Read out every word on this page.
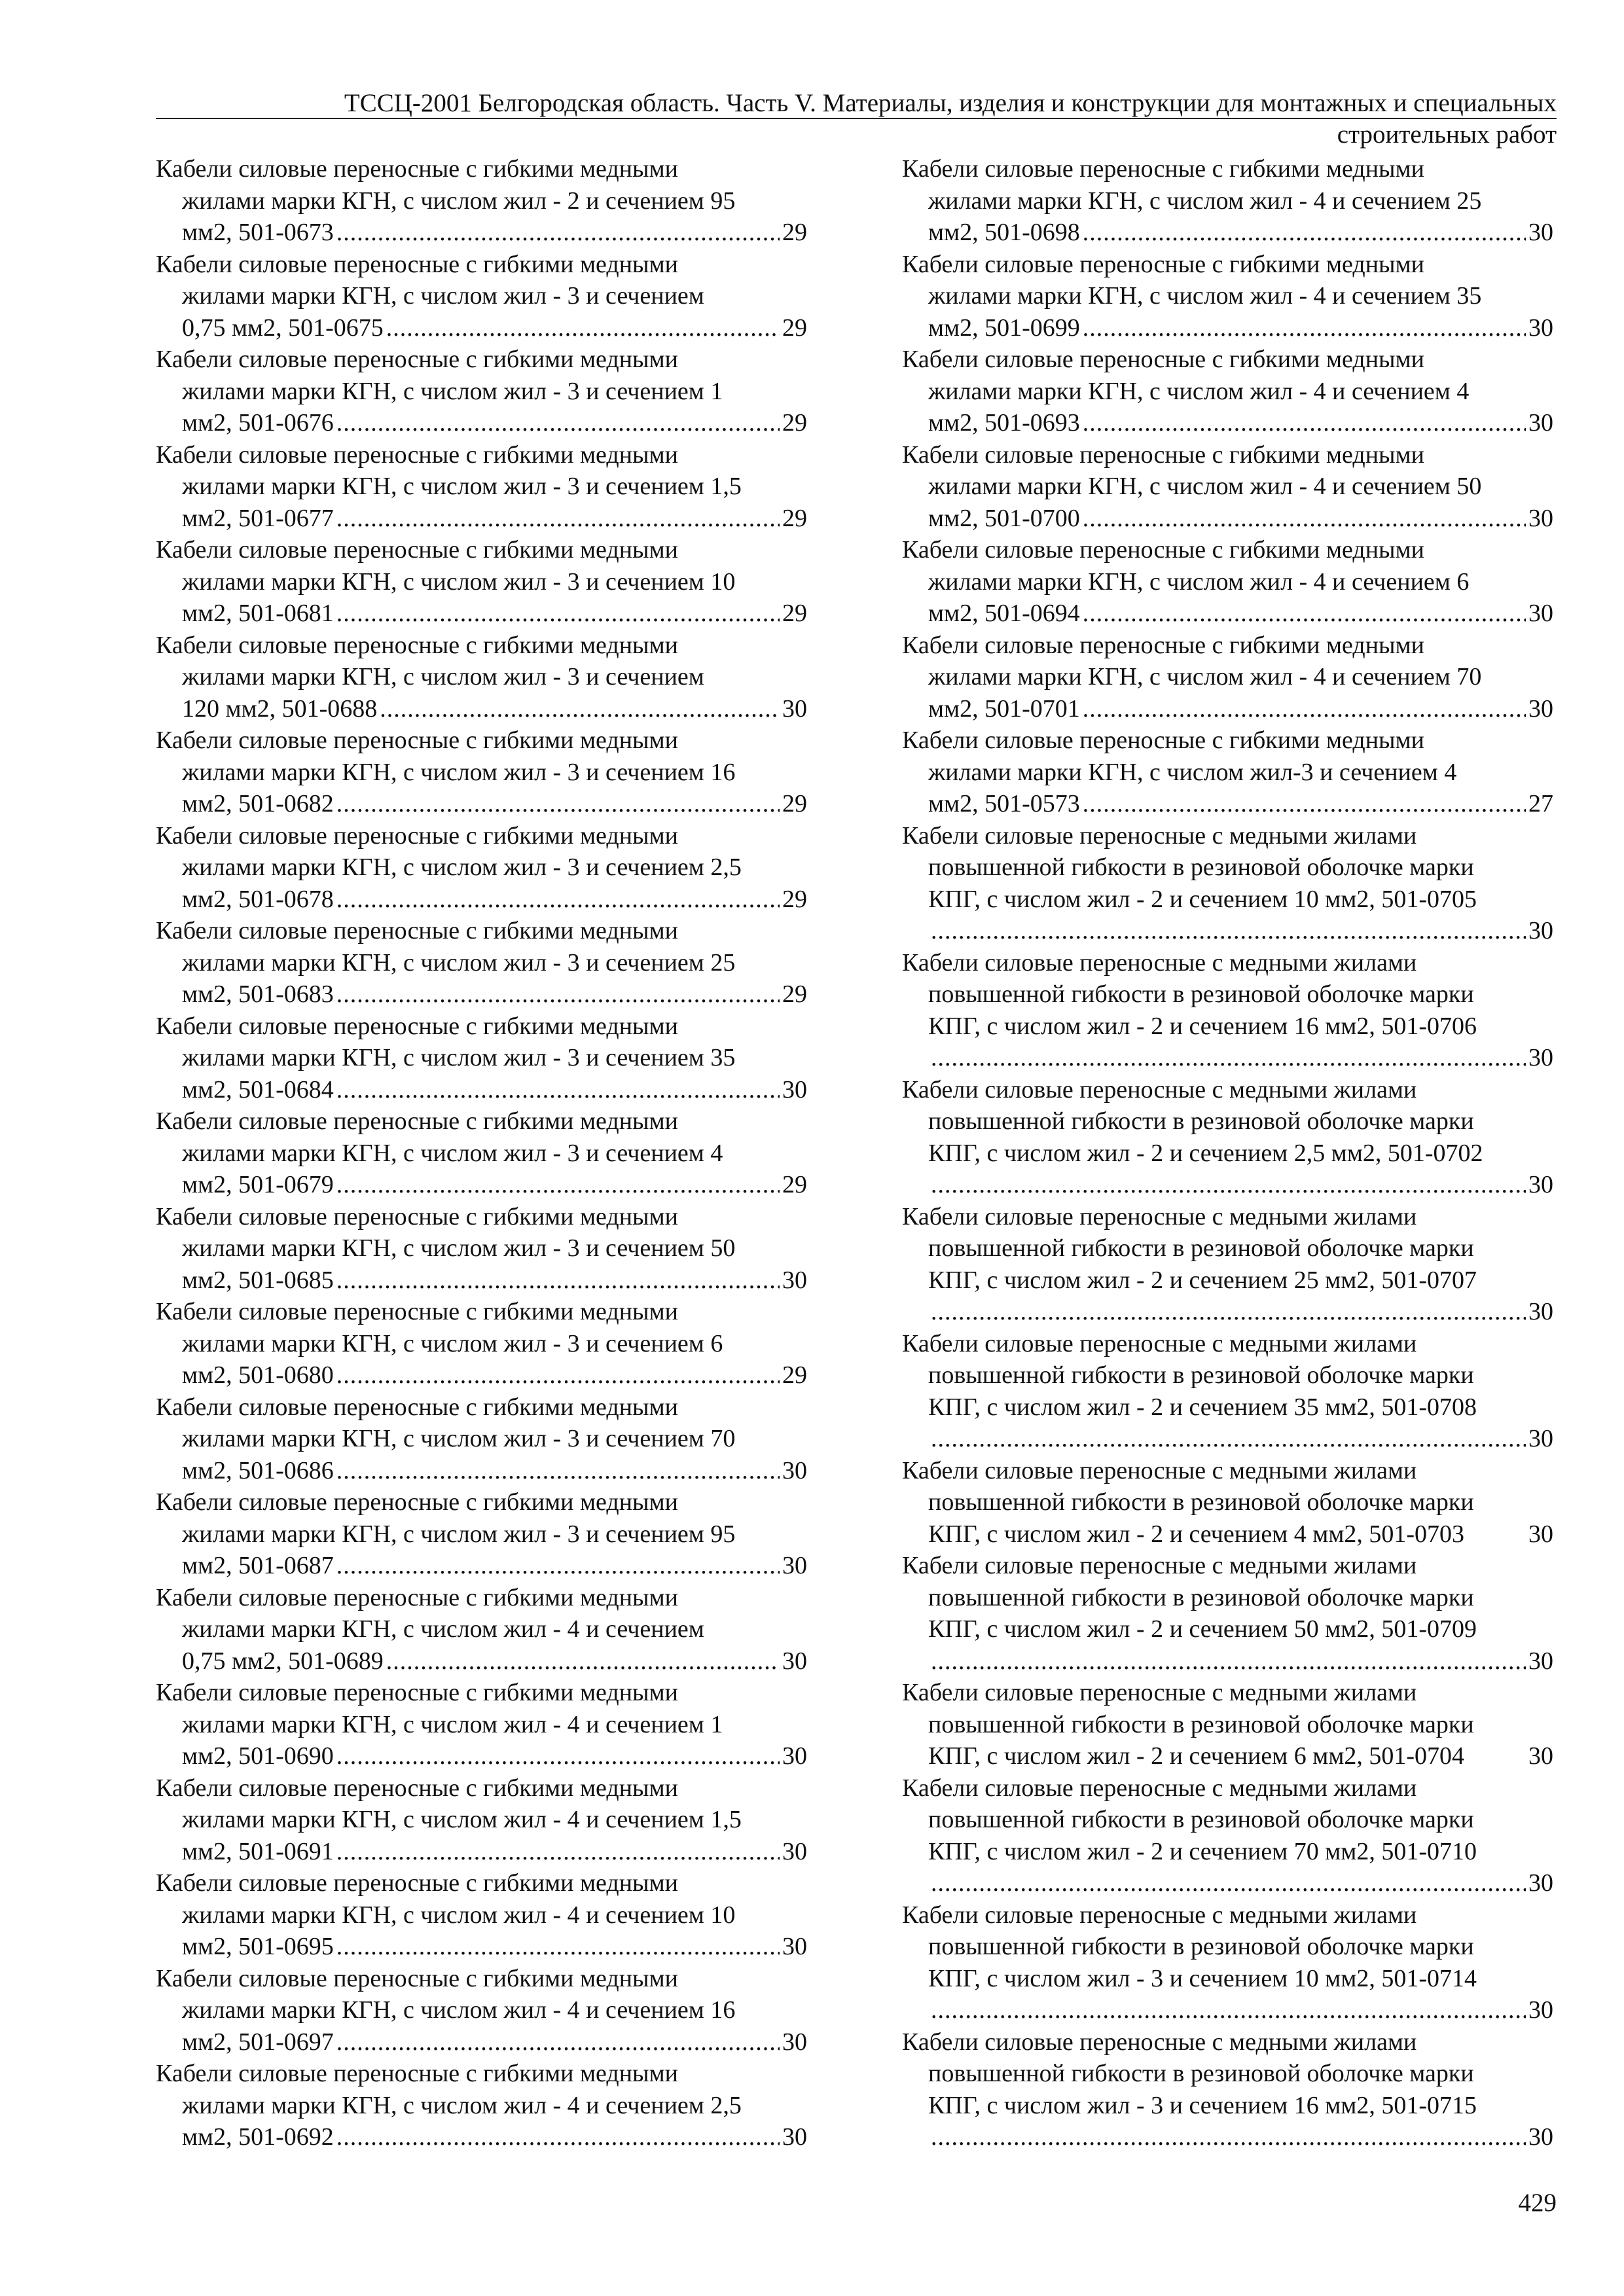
ТССЦ-2001 Белгородская область. Часть V. Материалы, изделия и конструкции для монтажных и специальных
строительных работ
Кабели силовые переносные с гибкими медными
жилами марки КГН, с числом жил - 2 и сечением 95
мм2, 501-0673 .....	29
Кабели силовые переносные с гибкими медными
жилами марки КГН, с числом жил - 3 и сечением
0,75 мм2, 501-0675 .....	29
Кабели силовые переносные с гибкими медными
жилами марки КГН, с числом жил - 3 и сечением 1
мм2, 501-0676 .....	29
Кабели силовые переносные с гибкими медными
жилами марки КГН, с числом жил - 3 и сечением 1,5
мм2, 501-0677 .....	29
Кабели силовые переносные с гибкими медными
жилами марки КГН, с числом жил - 3 и сечением 10
мм2, 501-0681 .....	29
Кабели силовые переносные с гибкими медными
жилами марки КГН, с числом жил - 3 и сечением
120 мм2, 501-0688 .....	30
Кабели силовые переносные с гибкими медными
жилами марки КГН, с числом жил - 3 и сечением 16
мм2, 501-0682 .....	29
Кабели силовые переносные с гибкими медными
жилами марки КГН, с числом жил - 3 и сечением 2,5
мм2, 501-0678 .....	29
Кабели силовые переносные с гибкими медными
жилами марки КГН, с числом жил - 3 и сечением 25
мм2, 501-0683 .....	29
Кабели силовые переносные с гибкими медными
жилами марки КГН, с числом жил - 3 и сечением 35
мм2, 501-0684 .....	30
Кабели силовые переносные с гибкими медными
жилами марки КГН, с числом жил - 3 и сечением 4
мм2, 501-0679 .....	29
Кабели силовые переносные с гибкими медными
жилами марки КГН, с числом жил - 3 и сечением 50
мм2, 501-0685 .....	30
Кабели силовые переносные с гибкими медными
жилами марки КГН, с числом жил - 3 и сечением 6
мм2, 501-0680 .....	29
Кабели силовые переносные с гибкими медными
жилами марки КГН, с числом жил - 3 и сечением 70
мм2, 501-0686 .....	30
Кабели силовые переносные с гибкими медными
жилами марки КГН, с числом жил - 3 и сечением 95
мм2, 501-0687 .....	30
Кабели силовые переносные с гибкими медными
жилами марки КГН, с числом жил - 4 и сечением
0,75 мм2, 501-0689 .....	30
Кабели силовые переносные с гибкими медными
жилами марки КГН, с числом жил - 4 и сечением 1
мм2, 501-0690 .....	30
Кабели силовые переносные с гибкими медными
жилами марки КГН, с числом жил - 4 и сечением 1,5
мм2, 501-0691 .....	30
Кабели силовые переносные с гибкими медными
жилами марки КГН, с числом жил - 4 и сечением 10
мм2, 501-0695 .....	30
Кабели силовые переносные с гибкими медными
жилами марки КГН, с числом жил - 4 и сечением 16
мм2, 501-0697 .....	30
Кабели силовые переносные с гибкими медными
жилами марки КГН, с числом жил - 4 и сечением 2,5
мм2, 501-0692 .....	30
Кабели силовые переносные с гибкими медными
жилами марки КГН, с числом жил - 4 и сечением 25
мм2, 501-0698 .....	30
Кабели силовые переносные с гибкими медными
жилами марки КГН, с числом жил - 4 и сечением 35
мм2, 501-0699 .....	30
Кабели силовые переносные с гибкими медными
жилами марки КГН, с числом жил - 4 и сечением 4
мм2, 501-0693 .....	30
Кабели силовые переносные с гибкими медными
жилами марки КГН, с числом жил - 4 и сечением 50
мм2, 501-0700 .....	30
Кабели силовые переносные с гибкими медными
жилами марки КГН, с числом жил - 4 и сечением 6
мм2, 501-0694 .....	30
Кабели силовые переносные с гибкими медными
жилами марки КГН, с числом жил - 4 и сечением 70
мм2, 501-0701 .....	30
Кабели силовые переносные с гибкими медными
жилами марки КГН, с числом жил-3 и сечением 4
мм2, 501-0573 .....	27
Кабели силовые переносные с медными жилами
повышенной гибкости в резиновой оболочке марки
КПГ, с числом жил - 2 и сечением 10 мм2, 501-0705
.....
30
Кабели силовые переносные с медными жилами
повышенной гибкости в резиновой оболочке марки
КПГ, с числом жил - 2 и сечением 16 мм2, 501-0706
.....
30
Кабели силовые переносные с медными жилами
повышенной гибкости в резиновой оболочке марки
КПГ, с числом жил - 2 и сечением 2,5 мм2, 501-0702
.....
30
Кабели силовые переносные с медными жилами
повышенной гибкости в резиновой оболочке марки
КПГ, с числом жил - 2 и сечением 25 мм2, 501-0707
.....
30
Кабели силовые переносные с медными жилами
повышенной гибкости в резиновой оболочке марки
КПГ, с числом жил - 2 и сечением 35 мм2, 501-0708
.....
30
Кабели силовые переносные с медными жилами
повышенной гибкости в резиновой оболочке марки
КПГ, с числом жил - 2 и сечением 4 мм2, 501-0703	30
Кабели силовые переносные с медными жилами
повышенной гибкости в резиновой оболочке марки
КПГ, с числом жил - 2 и сечением 50 мм2, 501-0709
.....
30
Кабели силовые переносные с медными жилами
повышенной гибкости в резиновой оболочке марки
КПГ, с числом жил - 2 и сечением 6 мм2, 501-0704	30
Кабели силовые переносные с медными жилами
повышенной гибкости в резиновой оболочке марки
КПГ, с числом жил - 2 и сечением 70 мм2, 501-0710
.....
30
Кабели силовые переносные с медными жилами
повышенной гибкости в резиновой оболочке марки
КПГ, с числом жил - 3 и сечением 10 мм2, 501-0714
.....
30
Кабели силовые переносные с медными жилами
повышенной гибкости в резиновой оболочке марки
КПГ, с числом жил - 3 и сечением 16 мм2, 501-0715
.....
30
429
